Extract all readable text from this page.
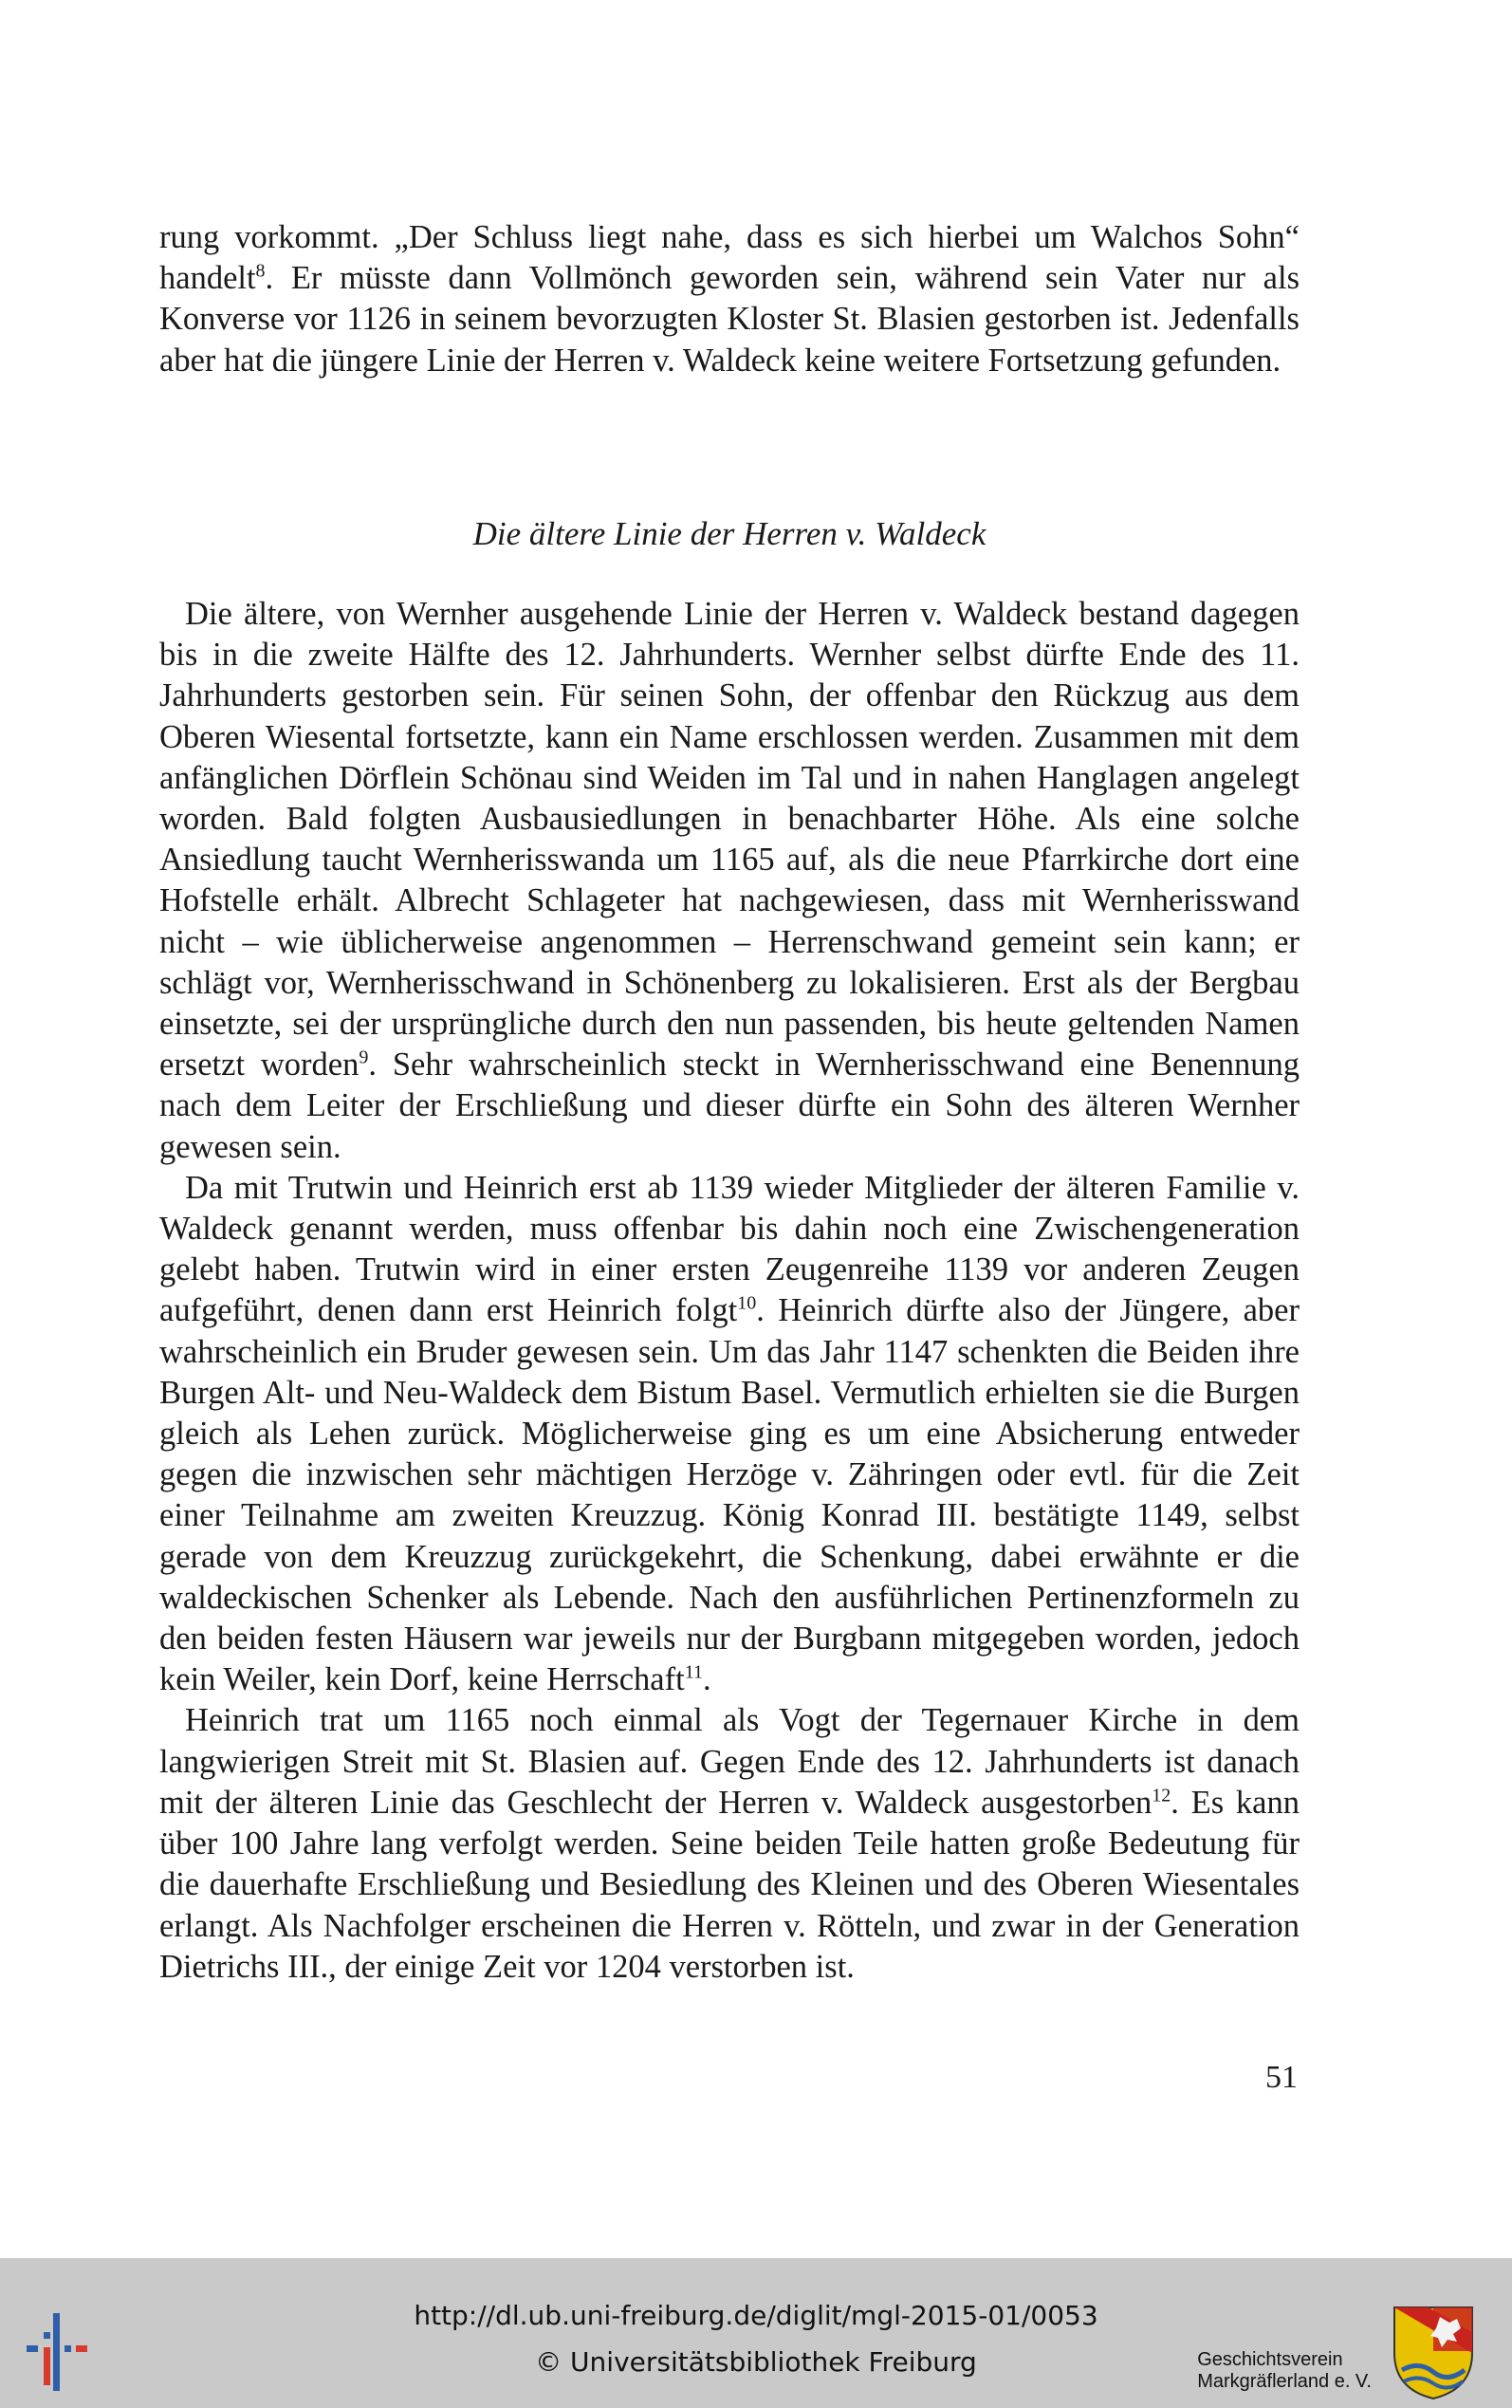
rung vorkommt. „Der Schluss liegt nahe, dass es sich hierbei um Walchos Sohn“ handelt$^8$. Er müsste dann Vollmönch geworden sein, während sein Vater nur als Konverse vor 1126 in seinem bevorzugten Kloster St. Blasien gestorben ist. Jedenfalls aber hat die jüngere Linie der Herren v. Waldeck keine weitere Fortsetzung gefunden.

Die ältere Linie der Herren v. Waldeck

Die ältere, von Wernher ausgehende Linie der Herren v. Waldeck bestand dagegen bis in die zweite Hälfte des 12. Jahrhunderts. Wernher selbst dürfte Ende des 11. Jahrhunderts gestorben sein. Für seinen Sohn, der offenbar den Rückzug aus dem Oberen Wiesental fortsetzte, kann ein Name erschlossen werden. Zusammen mit dem anfänglichen Dörflein Schönau sind Weiden im Tal und in nahen Hanglagen angelegt worden. Bald folgten Ausbausiedlungen in benachbarter Höhe. Als eine solche Ansiedlung taucht Wernherisswanda um 1165 auf, als die neue Pfarrkirche dort eine Hofstelle erhält. Albrecht Schlageter hat nachgewiesen, dass mit Wernherisswand nicht – wie üblicherweise angenommen – Herrenschwand gemeint sein kann; er schlägt vor, Wernherisschwand in Schönenberg zu lokalisieren. Erst als der Bergbau einsetzte, sei der ursprüngliche durch den nun passenden, bis heute geltenden Namen ersetzt worden$^9$. Sehr wahrscheinlich steckt in Wernherisschwand eine Benennung nach dem Leiter der Erschließung und dieser dürfte ein Sohn des älteren Wernher gewesen sein.

Da mit Trutwin und Heinrich erst ab 1139 wieder Mitglieder der älteren Familie v. Waldeck genannt werden, muss offenbar bis dahin noch eine Zwischengeneration gelebt haben. Trutwin wird in einer ersten Zeugenreihe 1139 vor anderen Zeugen aufgeführt, denen dann erst Heinrich folgt$^{10}$. Heinrich dürfte also der Jüngere, aber wahrscheinlich ein Bruder gewesen sein. Um das Jahr 1147 schenkten die Beiden ihre Burgen Alt- und Neu-Waldeck dem Bistum Basel. Vermutlich erhielten sie die Burgen gleich als Lehen zurück. Möglicherweise ging es um eine Absicherung entweder gegen die inzwischen sehr mächtigen Herzöge v. Zähringen oder evtl. für die Zeit einer Teilnahme am zweiten Kreuzzug. König Konrad III. bestätigte 1149, selbst gerade von dem Kreuzzug zurückgekehrt, die Schenkung, dabei erwähnte er die waldeckischen Schenker als Lebende. Nach den ausführlichen Pertinenzformeln zu den beiden festen Häusern war jeweils nur der Burgbann mitgegeben worden, jedoch kein Weiler, kein Dorf, keine Herrschaft$^{11}$.

Heinrich trat um 1165 noch einmal als Vogt der Tegernauer Kirche in dem langwierigen Streit mit St. Blasien auf. Gegen Ende des 12. Jahrhunderts ist danach mit der älteren Linie das Geschlecht der Herren v. Waldeck ausgestorben$^{12}$. Es kann über 100 Jahre lang verfolgt werden. Seine beiden Teile hatten große Bedeutung für die dauerhafte Erschließung und Besiedlung des Kleinen und des Oberen Wiesentales erlangt. Als Nachfolger erscheinen die Herren v. Rötteln, und zwar in der Generation Dietrichs III., der einige Zeit vor 1204 verstorben ist.

51
http://dl.ub.uni-freiburg.de/diglit/mgl-2015-01/0053
© Universitätsbibliothek Freiburg	Geschichtsverein
Markgräflerland e. V.
